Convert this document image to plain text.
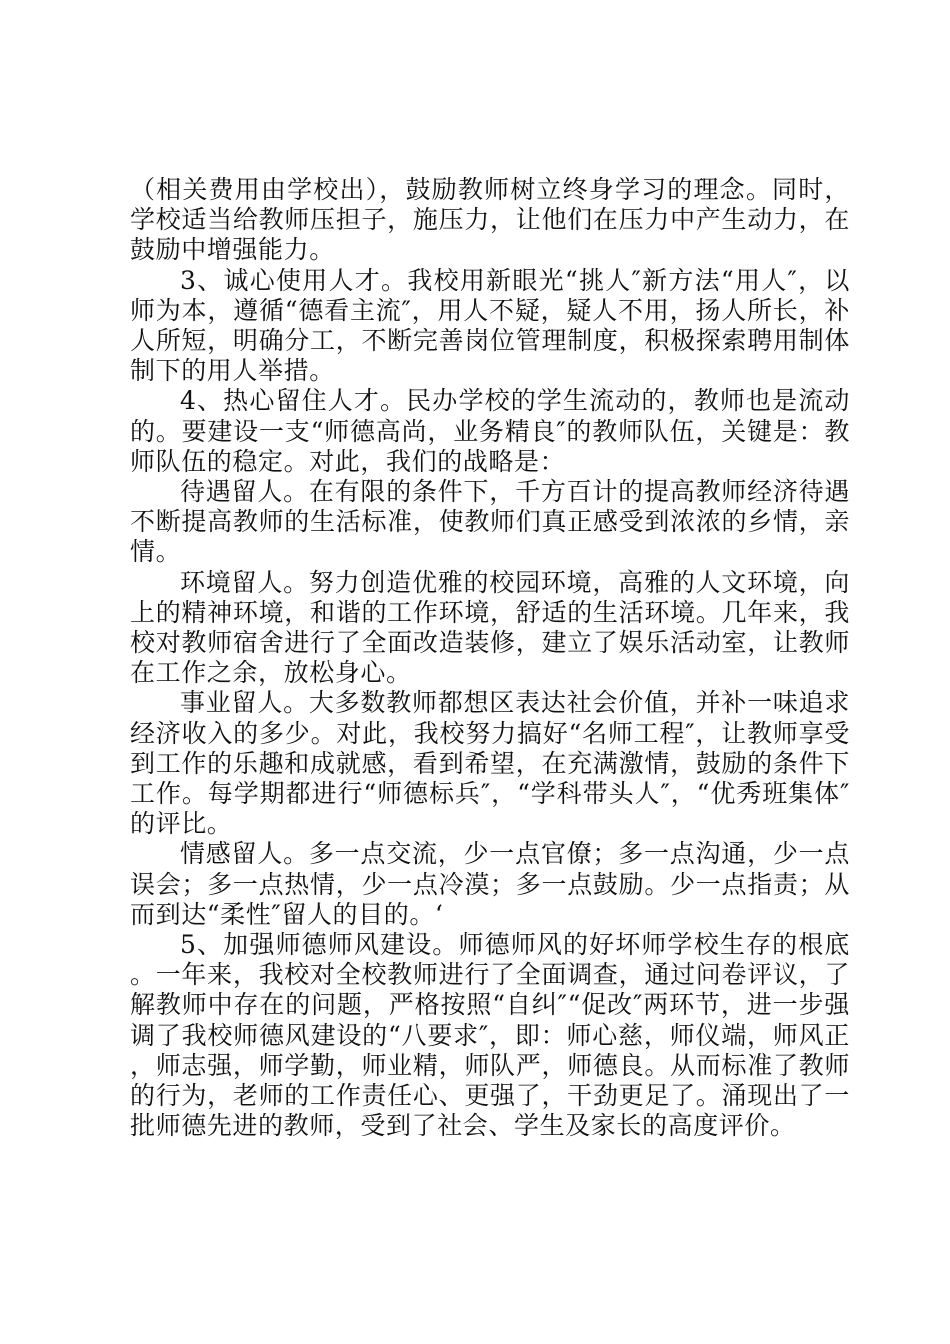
（相关费用由学校出），鼓励教师树立终身学习的理念。同时，学校适当给教师压担子，施压力，让他们在压力中产生动力，在鼓励中增强能力。

3、诚心使用人才。我校用新眼光“挑人″新方法“用人″，以师为本，遵循“德看主流″，用人不疑，疑人不用，扬人所长，补人所短，明确分工，不断完善岗位管理制度，积极探索聘用制体制下的用人举措。

4、热心留住人才。民办学校的学生流动的，教师也是流动的。要建设一支“师德高尚，业务精良″的教师队伍，关键是：教师队伍的稳定。对此，我们的战略是：

待遇留人。在有限的条件下，千方百计的提高教师经济待遇不断提高教师的生活标准，使教师们真正感受到浓浓的乡情，亲情。

环境留人。努力创造优雅的校园环境，高雅的人文环境，向上的精神环境，和谐的工作环境，舒适的生活环境。几年来，我校对教师宿舍进行了全面改造装修，建立了娱乐活动室，让教师在工作之余，放松身心。

事业留人。大多数教师都想区表达社会价值，并补一味追求经济收入的多少。对此，我校努力搞好“名师工程″，让教师享受到工作的乐趣和成就感，看到希望，在充满激情，鼓励的条件下工作。每学期都进行“师德标兵″，“学科带头人″，“优秀班集体″的评比。

情感留人。多一点交流，少一点官僚；多一点沟通，少一点误会；多一点热情，少一点冷漠；多一点鼓励。少一点指责；从而到达“柔性″留人的目的。‘

5、加强师德师风建设。师德师风的好坏师学校生存的根底。一年来，我校对全校教师进行了全面调查，通过问卷评议，了解教师中存在的问题，严格按照“自纠″“促改″两环节，进一步强调了我校师德风建设的“八要求″，即：师心慈，师仪端，师风正，师志强，师学勤，师业精，师队严，师德良。从而标准了教师的行为，老师的工作责任心、更强了，干劲更足了。涌现出了一批师德先进的教师，受到了社会、学生及家长的高度评价。
